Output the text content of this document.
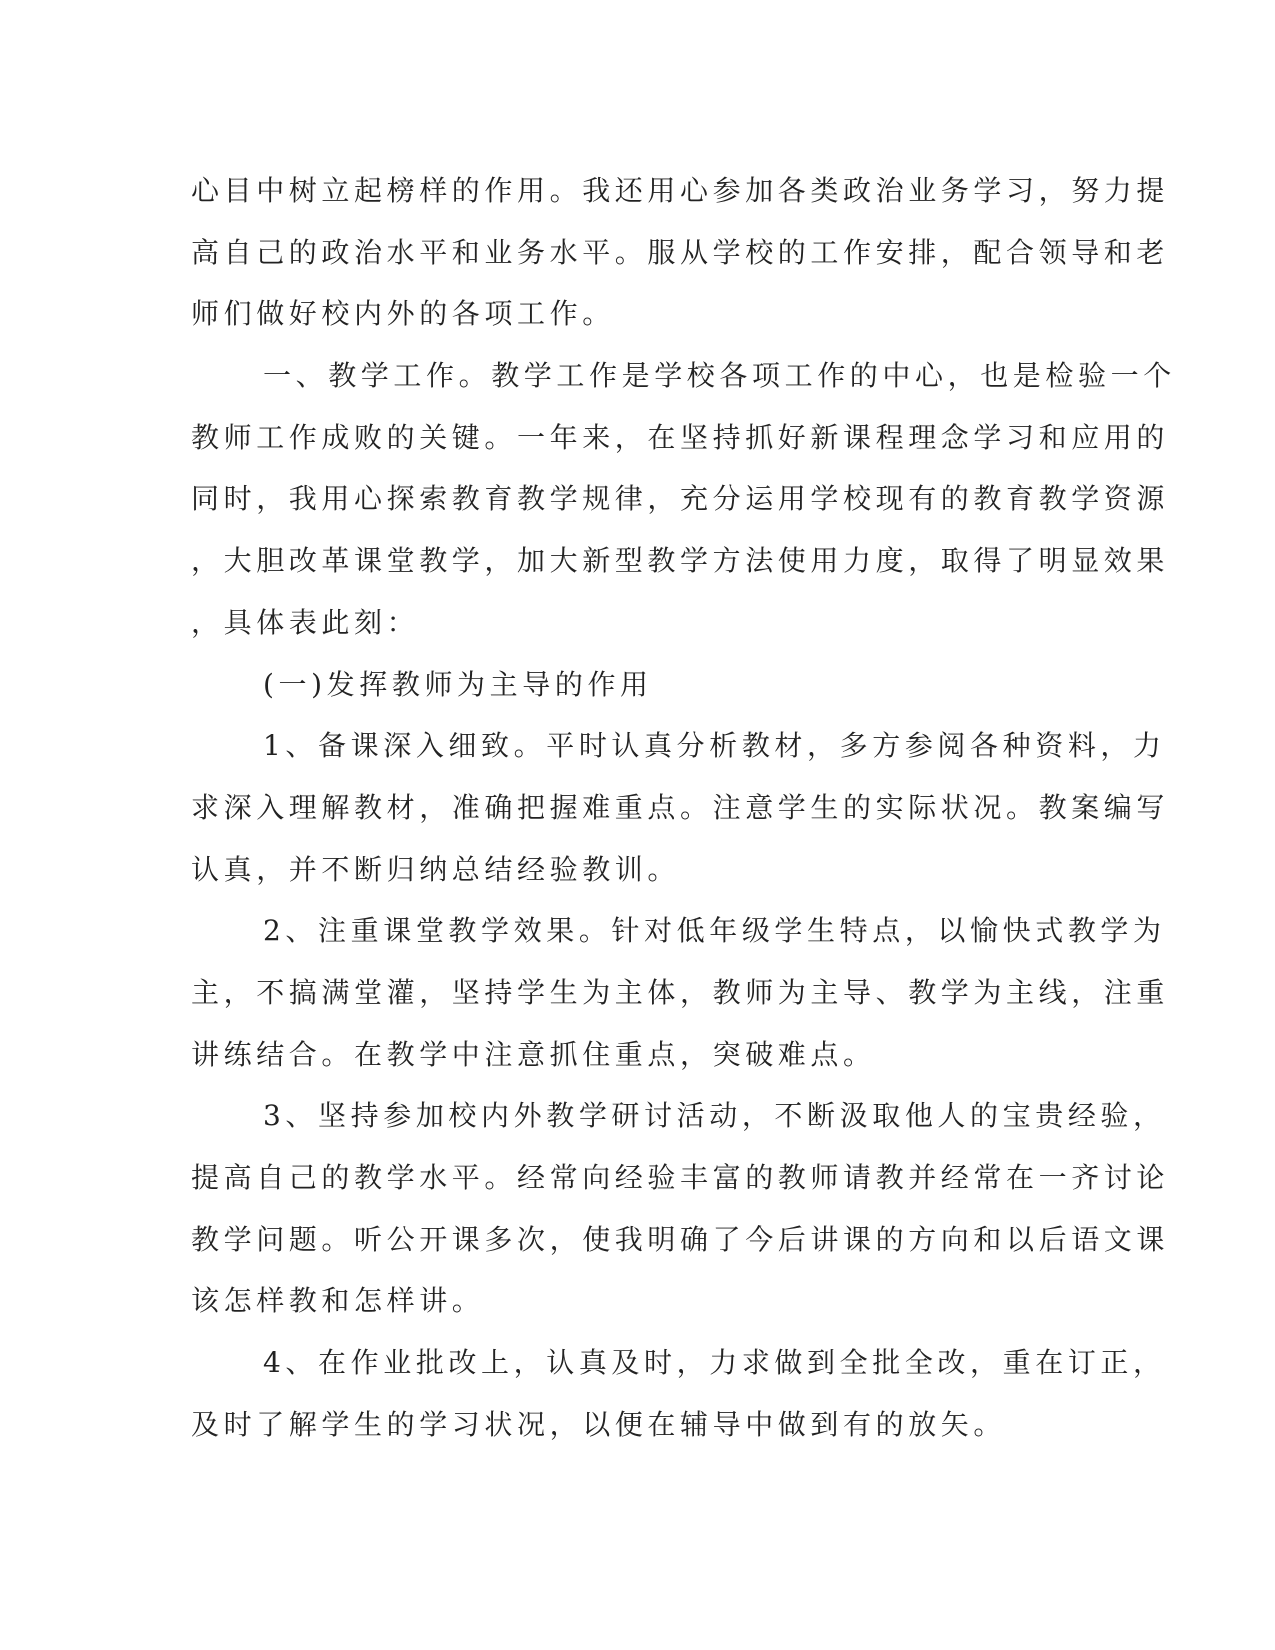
心目中树立起榜样的作用。我还用心参加各类政治业务学习，努力提
高自己的政治水平和业务水平。服从学校的工作安排，配合领导和老
师们做好校内外的各项工作。
一、教学工作。教学工作是学校各项工作的中心，也是检验一个
教师工作成败的关键。一年来，在坚持抓好新课程理念学习和应用的
同时，我用心探索教育教学规律，充分运用学校现有的教育教学资源
，大胆改革课堂教学，加大新型教学方法使用力度，取得了明显效果
，具体表此刻：
(一)发挥教师为主导的作用
1、备课深入细致。平时认真分析教材，多方参阅各种资料，力
求深入理解教材，准确把握难重点。注意学生的实际状况。教案编写
认真，并不断归纳总结经验教训。
2、注重课堂教学效果。针对低年级学生特点，以愉快式教学为
主，不搞满堂灌，坚持学生为主体，教师为主导、教学为主线，注重
讲练结合。在教学中注意抓住重点，突破难点。
3、坚持参加校内外教学研讨活动，不断汲取他人的宝贵经验，
提高自己的教学水平。经常向经验丰富的教师请教并经常在一齐讨论
教学问题。听公开课多次，使我明确了今后讲课的方向和以后语文课
该怎样教和怎样讲。
4、在作业批改上，认真及时，力求做到全批全改，重在订正，
及时了解学生的学习状况，以便在辅导中做到有的放矢。
